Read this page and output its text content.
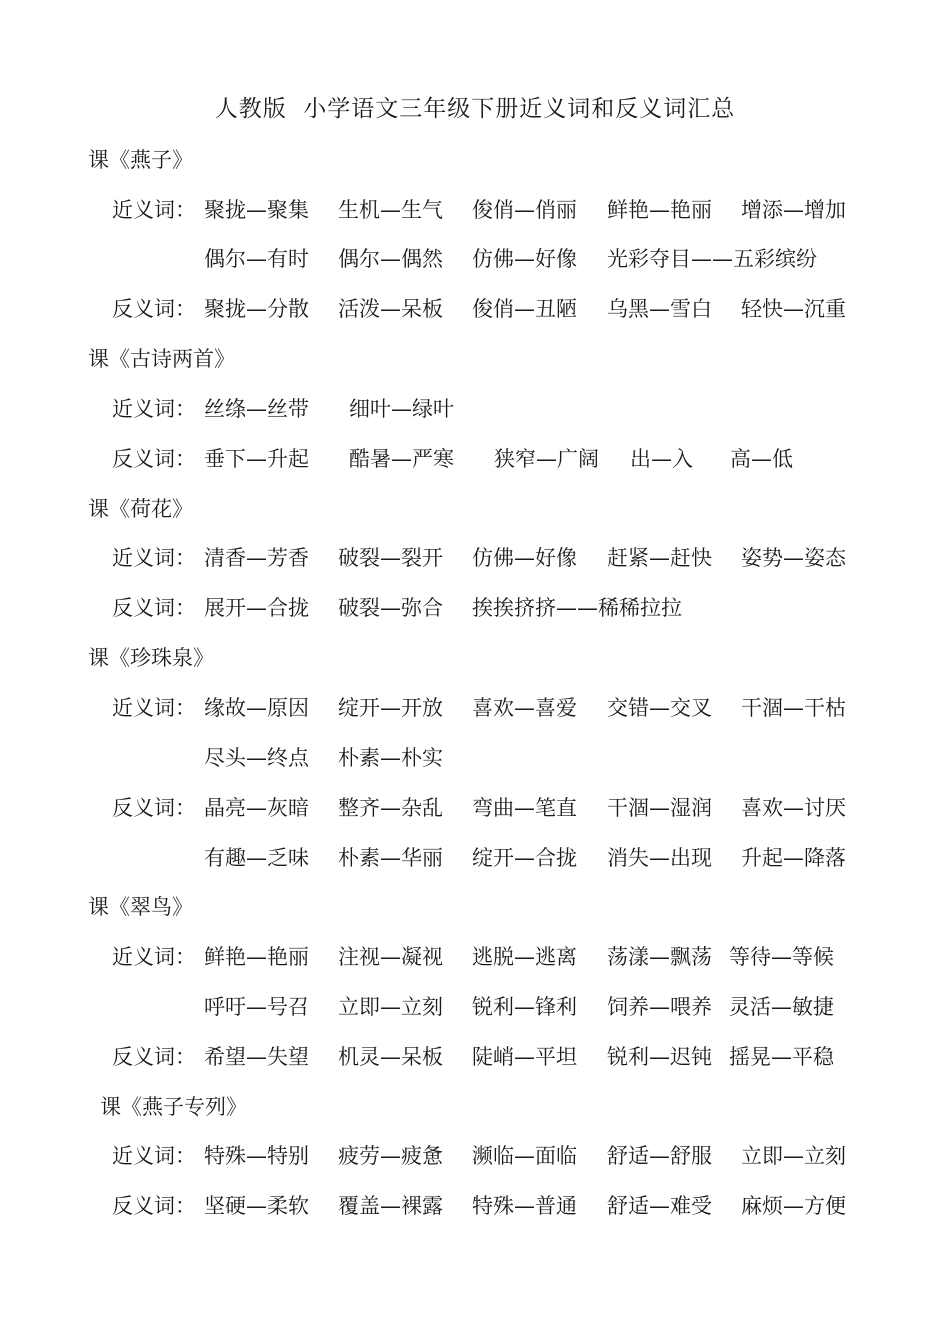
人教版  小学语文三年级下册近义词和反义词汇总
课《燕子》
近义词： 聚拢—聚集 生机—生气 俊俏—俏丽 鲜艳—艳丽 增添—增加
偶尔—有时 偶尔—偶然 仿佛—好像 光彩夺目——五彩缤纷
反义词： 聚拢—分散 活泼—呆板 俊俏—丑陋 乌黑—雪白 轻快—沉重
课《古诗两首》
近义词： 丝绦—丝带 细叶—绿叶
反义词： 垂下—升起 酷暑—严寒 狭窄—广阔 出—入 高—低
课《荷花》
近义词： 清香—芳香 破裂—裂开 仿佛—好像 赶紧—赶快 姿势—姿态
反义词： 展开—合拢 破裂—弥合 挨挨挤挤——稀稀拉拉
课《珍珠泉》
近义词： 缘故—原因 绽开—开放 喜欢—喜爱 交错—交叉 干涸—干枯
尽头—终点 朴素—朴实
反义词： 晶亮—灰暗 整齐—杂乱 弯曲—笔直 干涸—湿润 喜欢—讨厌
有趣—乏味 朴素—华丽 绽开—合拢 消失—出现 升起—降落
课《翠鸟》
近义词： 鲜艳—艳丽 注视—凝视 逃脱—逃离 荡漾—飘荡 等待—等候
呼吁—号召 立即—立刻 锐利—锋利 饲养—喂养 灵活—敏捷
反义词： 希望—失望 机灵—呆板 陡峭—平坦 锐利—迟钝 摇晃—平稳
课《燕子专列》
近义词： 特殊—特别 疲劳—疲惫 濒临—面临 舒适—舒服 立即—立刻
反义词： 坚硬—柔软 覆盖—裸露 特殊—普通 舒适—难受 麻烦—方便
